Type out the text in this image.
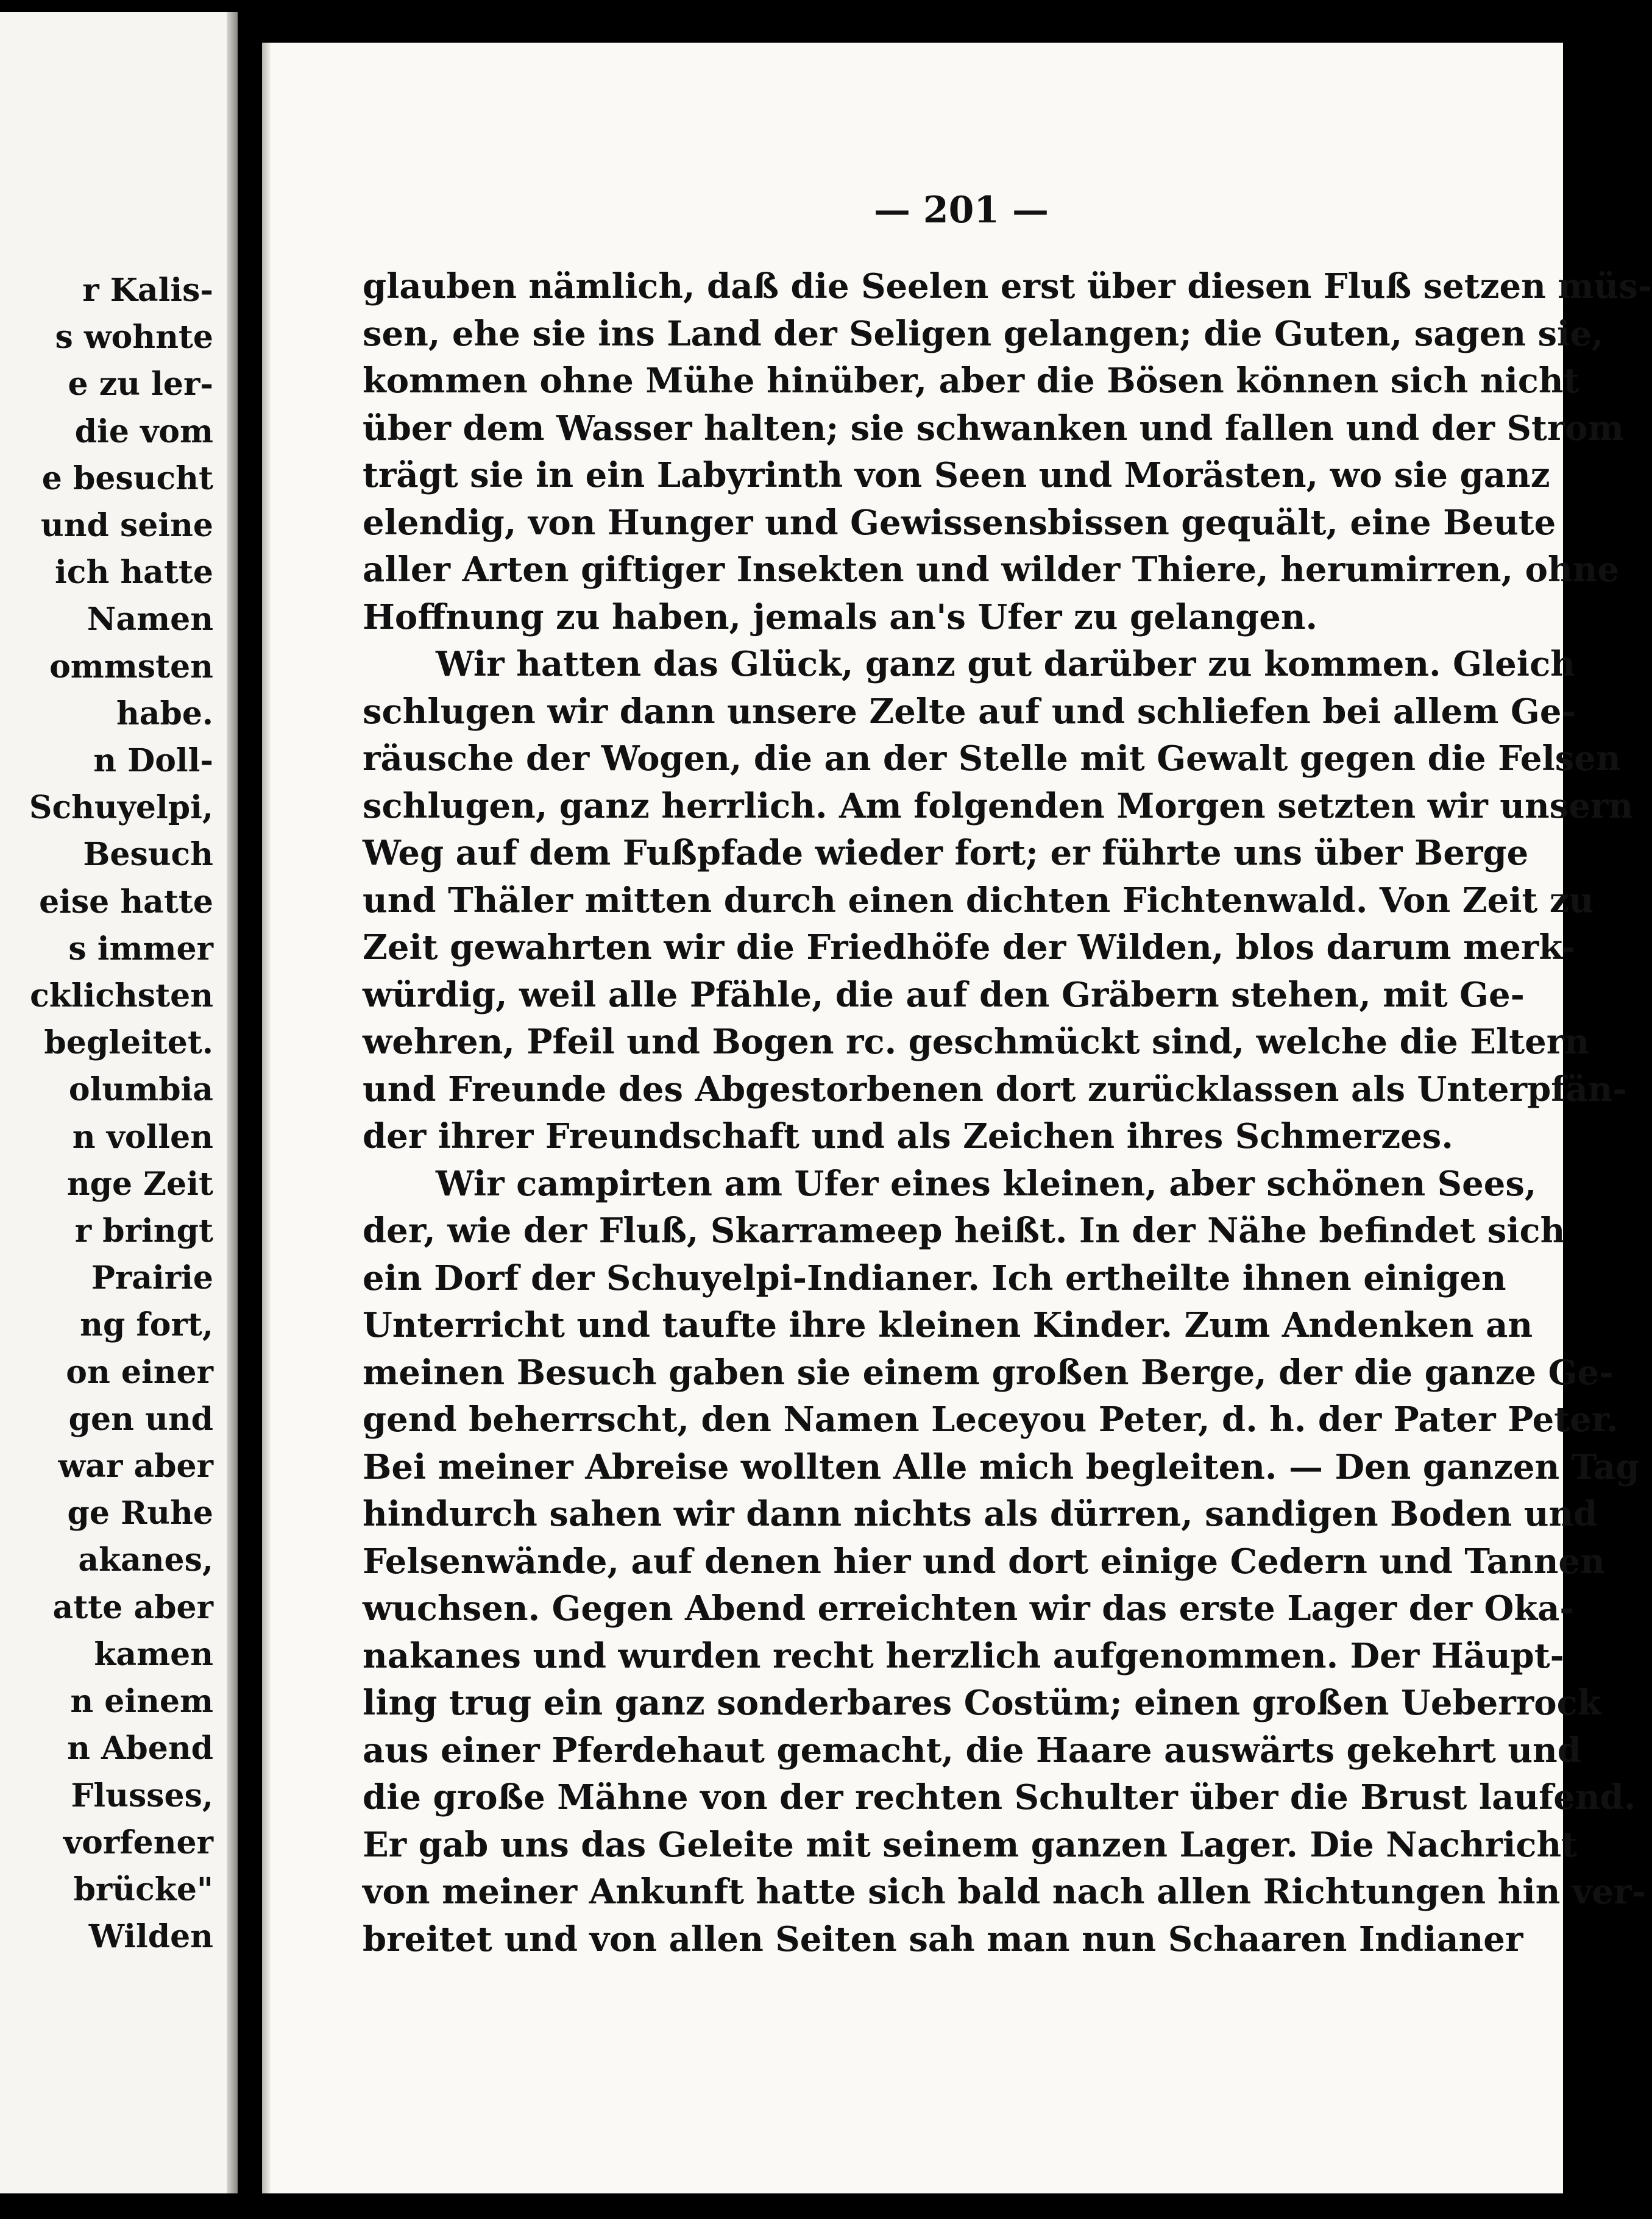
r Kalis-
s wohnte
e zu ler-
die vom
e besucht
und seine
ich hatte
Namen
ommsten
habe.
n Doll-
Schuyelpi,
Besuch
eise hatte
s immer
cklichsten
begleitet.
olumbia
n vollen
nge Zeit
r bringt
Prairie
ng fort,
on einer
gen und
war aber
ge Ruhe
akanes,
atte aber
kamen
n einem
n Abend
Flusses,
vorfener
brücke"
Wilden
— 201 —
glauben nämlich, daß die Seelen erst über diesen Fluß setzen müs-
sen, ehe sie ins Land der Seligen gelangen; die Guten, sagen sie,
kommen ohne Mühe hinüber, aber die Bösen können sich nicht
über dem Wasser halten; sie schwanken und fallen und der Strom
trägt sie in ein Labyrinth von Seen und Morästen, wo sie ganz
elendig, von Hunger und Gewissensbissen gequält, eine Beute
aller Arten giftiger Insekten und wilder Thiere, herumirren, ohne
Hoffnung zu haben, jemals an's Ufer zu gelangen.
Wir hatten das Glück, ganz gut darüber zu kommen. Gleich
schlugen wir dann unsere Zelte auf und schliefen bei allem Ge-
räusche der Wogen, die an der Stelle mit Gewalt gegen die Felsen
schlugen, ganz herrlich. Am folgenden Morgen setzten wir unsern
Weg auf dem Fußpfade wieder fort; er führte uns über Berge
und Thäler mitten durch einen dichten Fichtenwald. Von Zeit zu
Zeit gewahrten wir die Friedhöfe der Wilden, blos darum merk-
würdig, weil alle Pfähle, die auf den Gräbern stehen, mit Ge-
wehren, Pfeil und Bogen rc. geschmückt sind, welche die Eltern
und Freunde des Abgestorbenen dort zurücklassen als Unterpfän-
der ihrer Freundschaft und als Zeichen ihres Schmerzes.
Wir campirten am Ufer eines kleinen, aber schönen Sees,
der, wie der Fluß, Skarrameep heißt. In der Nähe befindet sich
ein Dorf der Schuyelpi-Indianer. Ich ertheilte ihnen einigen
Unterricht und taufte ihre kleinen Kinder. Zum Andenken an
meinen Besuch gaben sie einem großen Berge, der die ganze Ge-
gend beherrscht, den Namen Leceyou Peter, d. h. der Pater Peter.
Bei meiner Abreise wollten Alle mich begleiten. — Den ganzen Tag
hindurch sahen wir dann nichts als dürren, sandigen Boden und
Felsenwände, auf denen hier und dort einige Cedern und Tannen
wuchsen. Gegen Abend erreichten wir das erste Lager der Oka-
nakanes und wurden recht herzlich aufgenommen. Der Häupt-
ling trug ein ganz sonderbares Costüm; einen großen Ueberrock
aus einer Pferdehaut gemacht, die Haare auswärts gekehrt und
die große Mähne von der rechten Schulter über die Brust laufend.
Er gab uns das Geleite mit seinem ganzen Lager. Die Nachricht
von meiner Ankunft hatte sich bald nach allen Richtungen hin ver-
breitet und von allen Seiten sah man nun Schaaren Indianer
